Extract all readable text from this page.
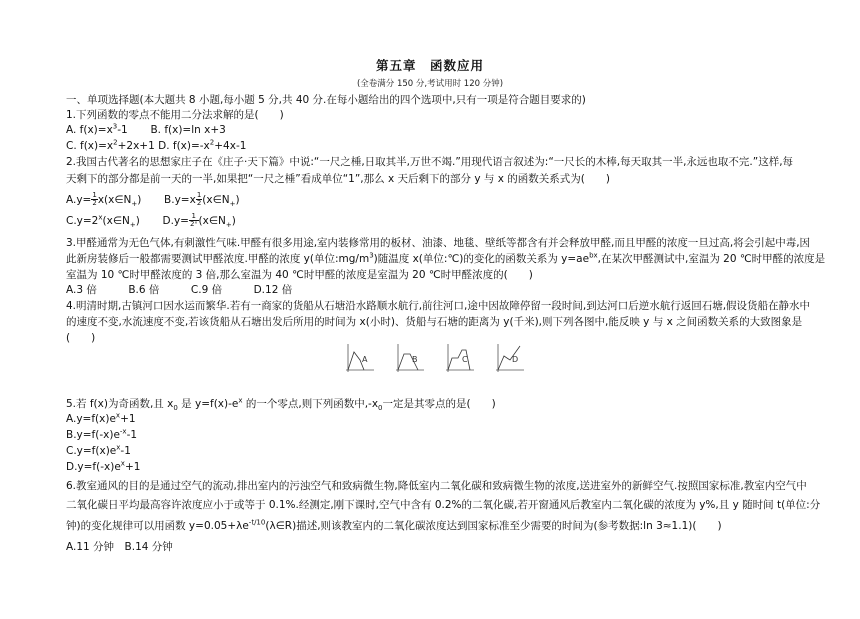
第五章　函数应用
(全卷满分 150 分,考试用时 120 分钟)
一、单项选择题(本大题共 8 小题,每小题 5 分,共 40 分.在每小题给出的四个选项中,只有一项是符合题目要求的)
1.下列函数的零点不能用二分法求解的是(　　)
A. $f(x)=x^3-1$ B. f(x)=ln x+3
C. $f(x)=x^2+2x+1$ D. $f(x)=-x^2+4x-1$
2.我国古代著名的思想家庄子在《庄子·天下篇》中说:“一尺之棰,日取其半,万世不竭.”用现代语言叙述为:“一尺长的木棒,每天取其一半,永远也取不完.”这样,每
天剩下的部分都是前一天的一半,如果把“一尺之棰”看成单位“1”,那么 x 天后剩下的部分 y 与 x 的函数关系式为(　　)
$A.y= \frac{1}{2}$ $x(x\in N_+)$ $B.y=x \frac{1}{2}$ $(x\in N_+)$
$C.y=2^x(x\in N_+)$ $D.y= \frac{1}{\text{2ˣ}}$ $(x\in N_+)$
3.甲醛通常为无色气体,有刺激性气味.甲醛有很多用途,室内装修常用的板材、油漆、地毯、壁纸等都含有并会释放甲醛,而且甲醛的浓度一旦过高,将会引起中毒,因
此新房装修后一般都需要测试甲醛浓度.甲醛的浓度 y(单位$:mg/m^3$)随温度 x(单位:℃)的变化的函数关系为 $y=ae^{bx}$,在某次甲醛测试中,室温为 20 ℃时甲醛的浓度是
室温为 10 ℃时甲醛浓度的 3 倍,那么室温为 40 ℃时甲醛的浓度是室温为 20 ℃时甲醛浓度的(　　)
A.3 倍　　　B.6 倍　　　C.9 倍　　　D.12 倍
4.明清时期,古镇河口因水运而繁华.若有一商家的货船从石塘沿水路顺水航行,前往河口,途中因故障停留一段时间,到达河口后逆水航行返回石塘,假设货船在静水中
的速度不变,水流速度不变,若该货船从石塘出发后所用的时间为 x(小时)、货船与石塘的距离为 y(千米),则下列各图中,能反映 y 与 x 之间函数关系的大致图象是
(　　)
A	B	C	D
5.若 f(x)为奇函数,且 $x_0$ 是 $y=f(x)-e^x$ 的一个零点,则下列函数中$,-x_0$一定是其零点的是(　　)
$A.y=f(x)e^x+1$
$B.y=f(-x)e^{-x}-1$
$C.y=f(x)e^x-1$
$D.y=f(-x)e^x+1$
6.教室通风的目的是通过空气的流动,排出室内的污浊空气和致病微生物,降低室内二氧化碳和致病微生物的浓度,送进室外的新鲜空气.按照国家标准,教室内空气中
二氧化碳日平均最高容许浓度应小于或等于 0.1%.经测定,刚下课时,空气中含有 0.2%的二氧化碳,若开窗通风后教室内二氧化碳的浓度为 y%,且 y 随时间 t(单位:分
钟)的变化规律可以用函数 $y=0.05+\lambda e^{-t/10}(\lambda\in R)$描述,则该教室内的二氧化碳浓度达到国家标准至少需要的时间为(参考数据:ln 3≈1.1)(　　)
A.11 分钟　B.14 分钟
